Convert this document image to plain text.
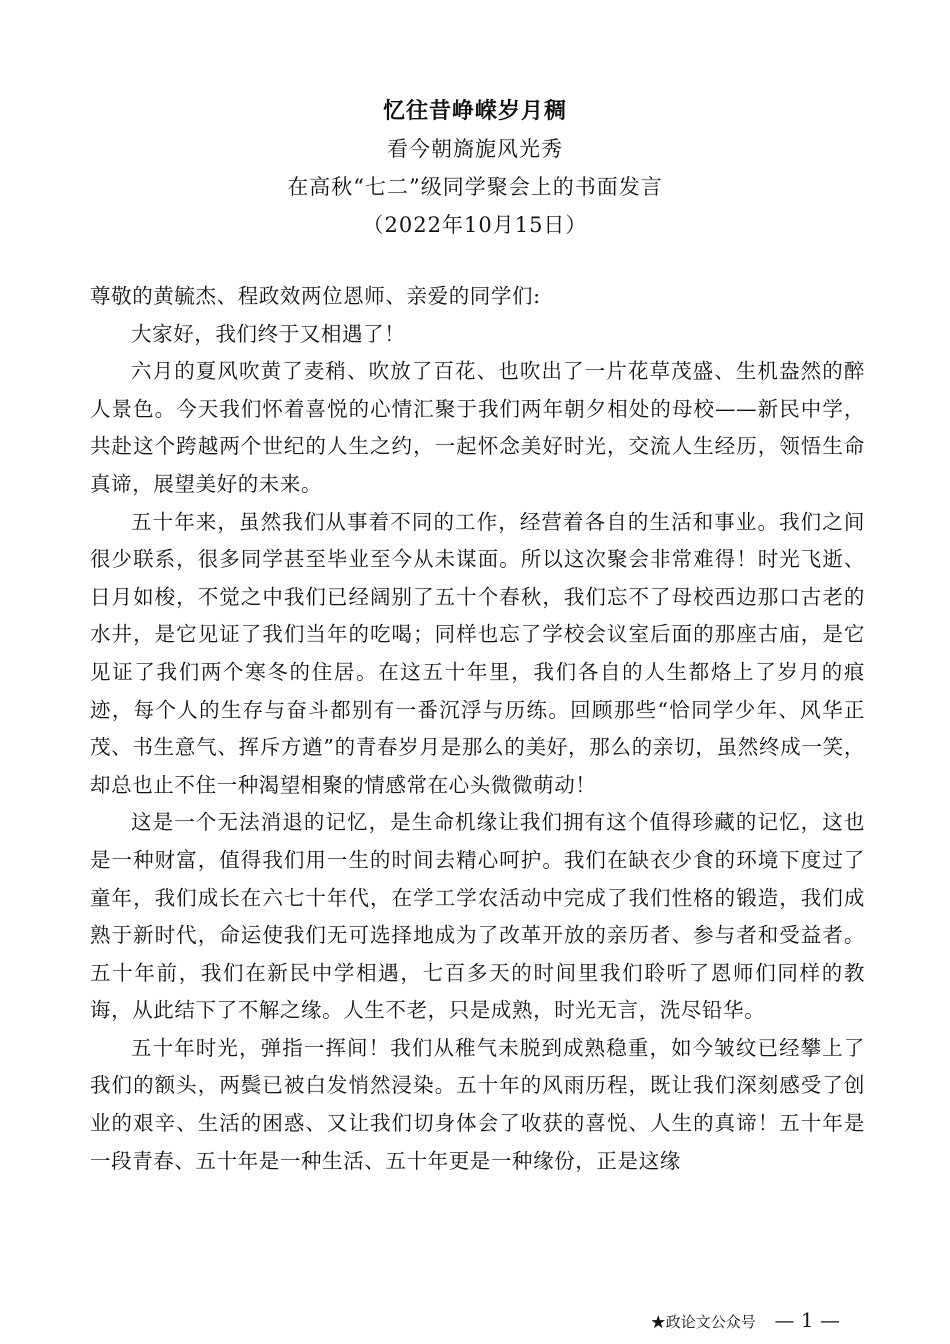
忆往昔峥嵘岁月稠
看今朝旖旎风光秀
在高秋“七二”级同学聚会上的书面发言
（2022年10月15日）

尊敬的黄毓杰、程政效两位恩师、亲爱的同学们:

大家好，我们终于又相遇了！

六月的夏风吹黄了麦稍、吹放了百花、也吹出了一片花草茂盛、生机盎然的醉人景色。今天我们怀着喜悦的心情汇聚于我们两年朝夕相处的母校——新民中学，共赴这个跨越两个世纪的人生之约，一起怀念美好时光，交流人生经历，领悟生命真谛，展望美好的未来。

五十年来，虽然我们从事着不同的工作，经营着各自的生活和事业。我们之间很少联系，很多同学甚至毕业至今从未谋面。所以这次聚会非常难得！时光飞逝、日月如梭，不觉之中我们已经阔别了五十个春秋，我们忘不了母校西边那口古老的水井，是它见证了我们当年的吃喝；同样也忘了学校会议室后面的那座古庙，是它见证了我们两个寒冬的住居。在这五十年里，我们各自的人生都烙上了岁月的痕迹，每个人的生存与奋斗都别有一番沉浮与历练。回顾那些“恰同学少年、风华正茂、书生意气、挥斥方遒”的青春岁月是那么的美好，那么的亲切，虽然终成一笑，却总也止不住一种渴望相聚的情感常在心头微微萌动！

这是一个无法消退的记忆，是生命机缘让我们拥有这个值得珍藏的记忆，这也是一种财富，值得我们用一生的时间去精心呵护。我们在缺衣少食的环境下度过了童年，我们成长在六七十年代，在学工学农活动中完成了我们性格的锻造，我们成熟于新时代，命运使我们无可选择地成为了改革开放的亲历者、参与者和受益者。五十年前，我们在新民中学相遇，七百多天的时间里我们聆听了恩师们同样的教诲，从此结下了不解之缘。人生不老，只是成熟，时光无言，洗尽铅华。

五十年时光，弹指一挥间！我们从稚气未脱到成熟稳重，如今皱纹已经攀上了我们的额头，两鬓已被白发悄然浸染。五十年的风雨历程，既让我们深刻感受了创业的艰辛、生活的困惑、又让我们切身体会了收获的喜悦、人生的真谛！五十年是一段青春、五十年是一种生活、五十年更是一种缘份，正是这缘

★政论文公众号 — 1 —
